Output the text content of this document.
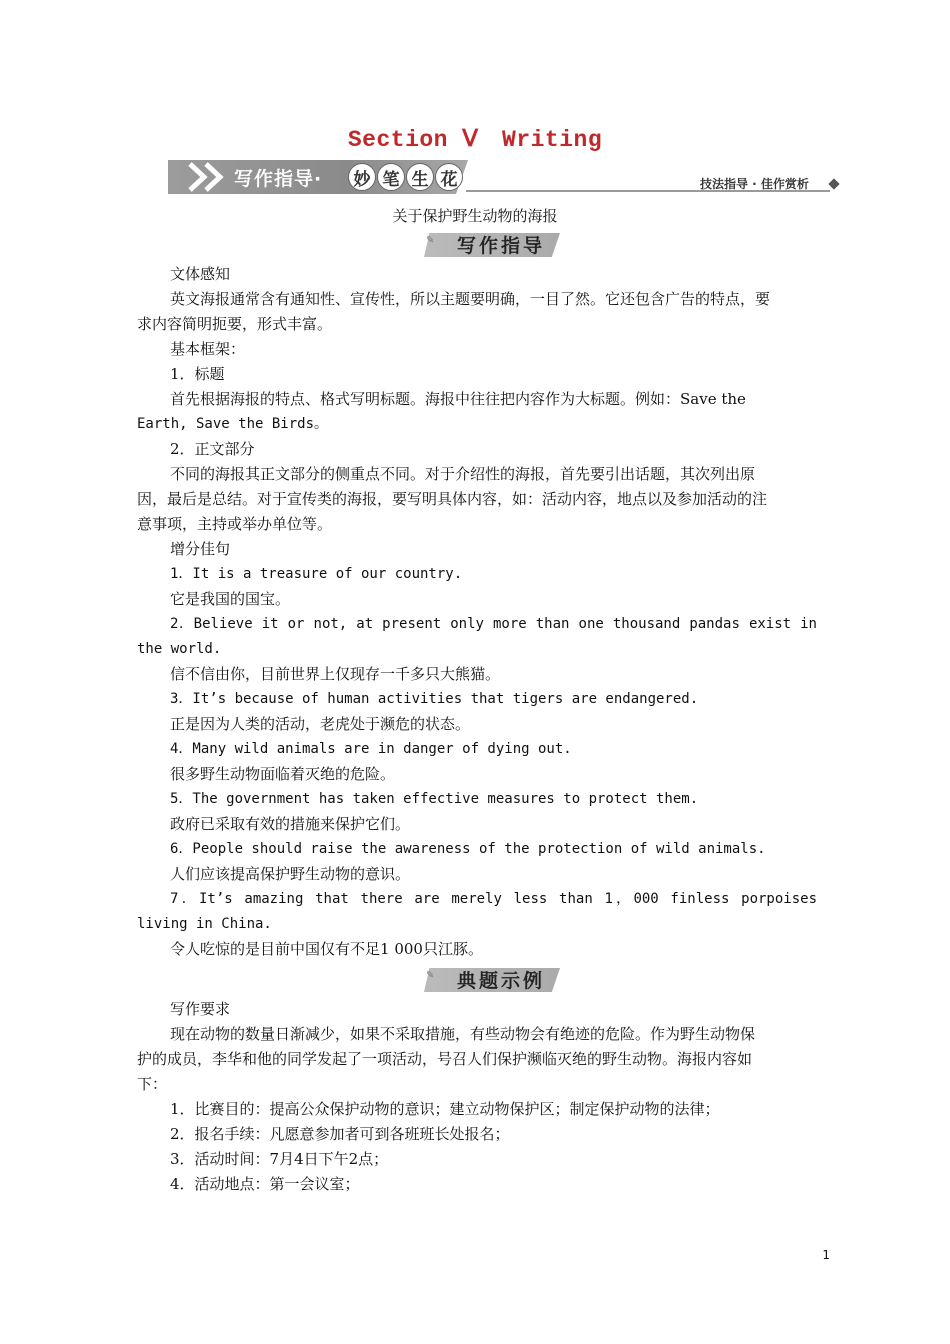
Section Ⅴ　Writing
写作指导·	妙 笔 生 花	技法指导 · 佳作赏析
关于保护野生动物的海报
✎	写作指导
文体感知
英文海报通常含有通知性、宣传性，所以主题要明确，一目了然。它还包含广告的特点，要
求内容简明扼要，形式丰富。
基本框架：
1．标题
首先根据海报的特点、格式写明标题。海报中往往把内容作为大标题。例如：Save the
Earth, Save the Birds。
2．正文部分
不同的海报其正文部分的侧重点不同。对于介绍性的海报，首先要引出话题，其次列出原
因，最后是总结。对于宣传类的海报，要写明具体内容，如：活动内容，地点以及参加活动的注
意事项，主持或举办单位等。
增分佳句
1．It is a treasure of our country.
它是我国的国宝。
2．Believe it or not, at present only more than one thousand pandas exist in
the world.
信不信由你，目前世界上仅现存一千多只大熊猫。
3．It’s because of human activities that tigers are endangered.
正是因为人类的活动，老虎处于濒危的状态。
4．Many wild animals are in danger of dying out.
很多野生动物面临着灭绝的危险。
5．The government has taken effective measures to protect them.
政府已采取有效的措施来保护它们。
6．People should raise the awareness of the protection of wild animals.
人们应该提高保护野生动物的意识。
7．It’s amazing that there are merely less than 1，000 finless porpoises
living in China.
令人吃惊的是目前中国仅有不足1 000只江豚。
✎	典题示例
写作要求
现在动物的数量日渐减少，如果不采取措施，有些动物会有绝迹的危险。作为野生动物保
护的成员，李华和他的同学发起了一项活动，号召人们保护濒临灭绝的野生动物。海报内容如
下：
1．比赛目的：提高公众保护动物的意识；建立动物保护区；制定保护动物的法律；
2．报名手续：凡愿意参加者可到各班班长处报名；
3．活动时间：7月4日下午2点；
4．活动地点：第一会议室；
1
